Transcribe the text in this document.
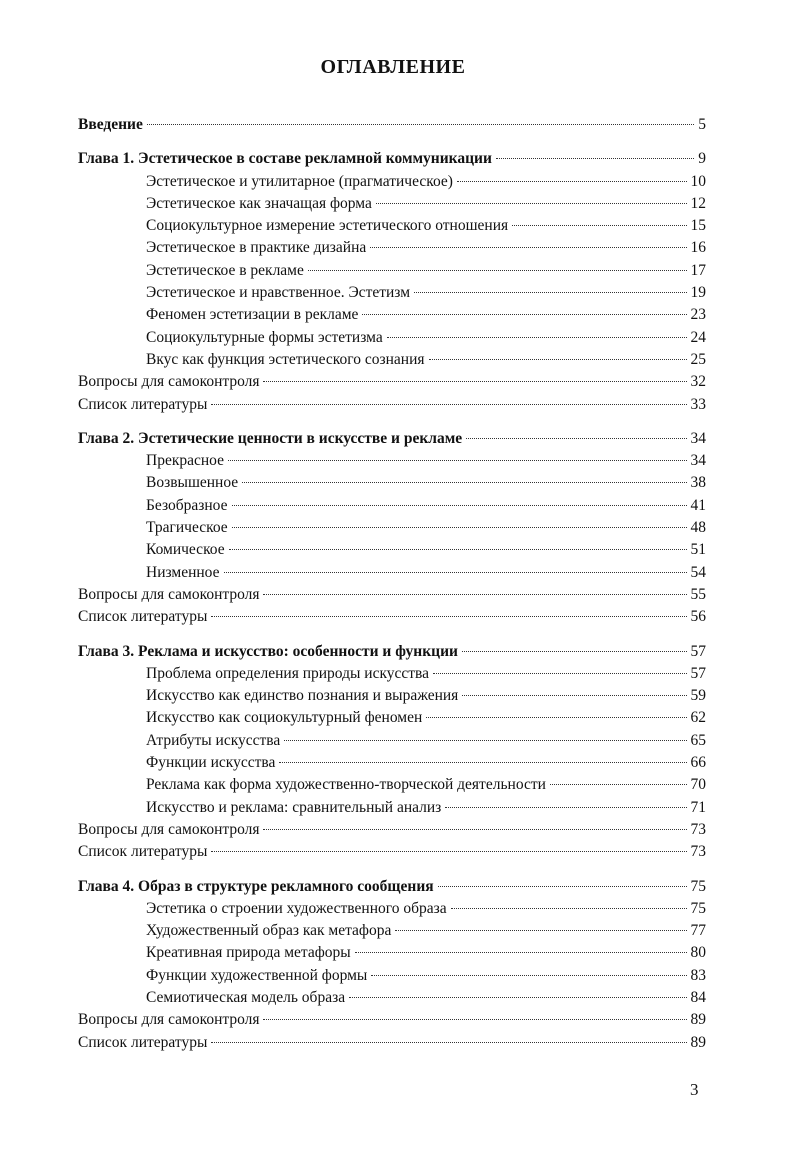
ОГЛАВЛЕНИЕ
Введение	5
Глава 1. Эстетическое в составе рекламной коммуникации	9
Эстетическое и утилитарное (прагматическое)	10
Эстетическое как значащая форма	12
Социокультурное измерение эстетического отношения	15
Эстетическое в практике дизайна	16
Эстетическое в рекламе	17
Эстетическое и нравственное. Эстетизм	19
Феномен эстетизации в рекламе	23
Социокультурные формы эстетизма	24
Вкус как функция эстетического сознания	25
Вопросы для самоконтроля	32
Список литературы	33
Глава 2. Эстетические ценности в искусстве и рекламе	34
Прекрасное	34
Возвышенное	38
Безобразное	41
Трагическое	48
Комическое	51
Низменное	54
Вопросы для самоконтроля	55
Список литературы	56
Глава 3. Реклама и искусство: особенности и функции	57
Проблема определения природы искусства	57
Искусство как единство познания и выражения	59
Искусство как социокультурный феномен	62
Атрибуты искусства	65
Функции искусства	66
Реклама как форма художественно-творческой деятельности	70
Искусство и реклама: сравнительный анализ	71
Вопросы для самоконтроля	73
Список литературы	73
Глава 4. Образ в структуре рекламного сообщения	75
Эстетика о строении художественного образа	75
Художественный образ как метафора	77
Креативная природа метафоры	80
Функции художественной формы	83
Семиотическая модель образа	84
Вопросы для самоконтроля	89
Список литературы	89
3
